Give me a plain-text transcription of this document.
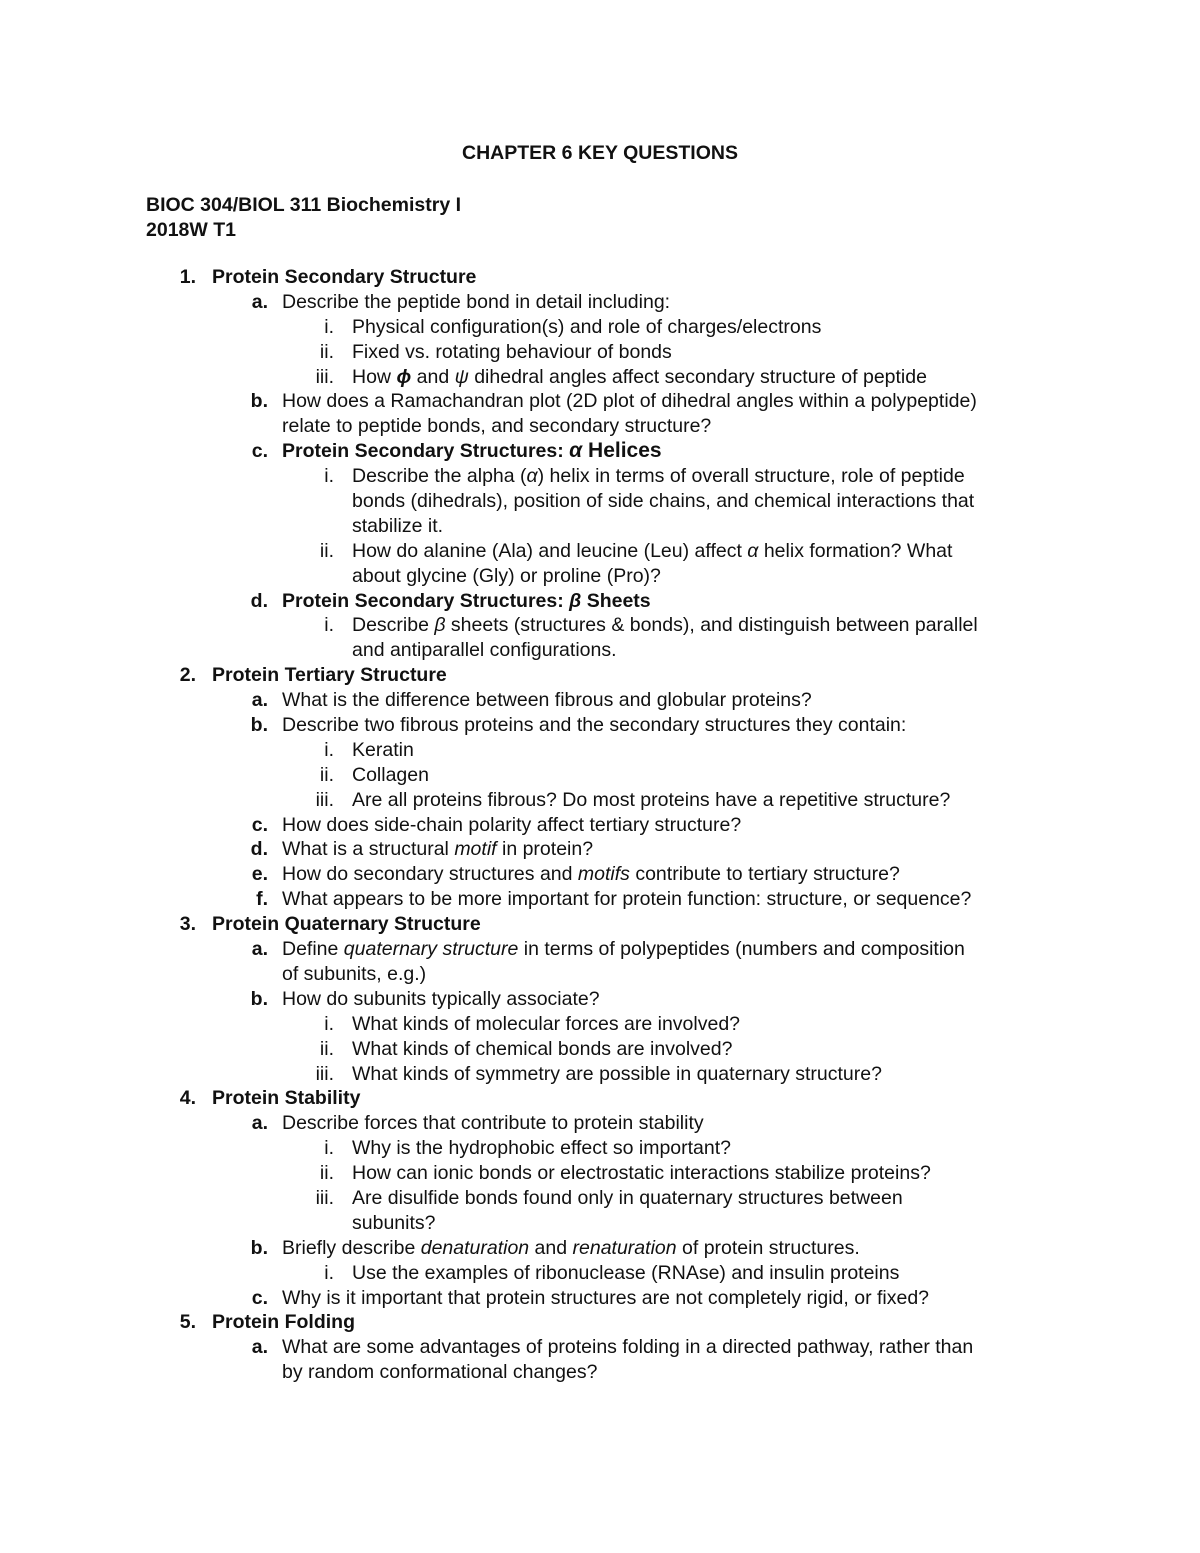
CHAPTER 6 KEY QUESTIONS
BIOC 304/BIOL 311 Biochemistry I
2018W T1
1. Protein Secondary Structure
a. Describe the peptide bond in detail including:
i. Physical configuration(s) and role of charges/electrons
ii. Fixed vs. rotating behaviour of bonds
iii. How ϕ and ψ dihedral angles affect secondary structure of peptide
b. How does a Ramachandran plot (2D plot of dihedral angles within a polypeptide)
relate to peptide bonds, and secondary structure?
c. Protein Secondary Structures: α Helices
i. Describe the alpha (α) helix in terms of overall structure, role of peptide
bonds (dihedrals), position of side chains, and chemical interactions that
stabilize it.
ii. How do alanine (Ala) and leucine (Leu) affect α helix formation? What
about glycine (Gly) or proline (Pro)?
d. Protein Secondary Structures: β Sheets
i. Describe β sheets (structures & bonds), and distinguish between parallel
and antiparallel configurations.
2. Protein Tertiary Structure
a. What is the difference between fibrous and globular proteins?
b. Describe two fibrous proteins and the secondary structures they contain:
i. Keratin
ii. Collagen
iii. Are all proteins fibrous? Do most proteins have a repetitive structure?
c. How does side-chain polarity affect tertiary structure?
d. What is a structural motif in protein?
e. How do secondary structures and motifs contribute to tertiary structure?
f. What appears to be more important for protein function: structure, or sequence?
3. Protein Quaternary Structure
a. Define quaternary structure in terms of polypeptides (numbers and composition
of subunits, e.g.)
b. How do subunits typically associate?
i. What kinds of molecular forces are involved?
ii. What kinds of chemical bonds are involved?
iii. What kinds of symmetry are possible in quaternary structure?
4. Protein Stability
a. Describe forces that contribute to protein stability
i. Why is the hydrophobic effect so important?
ii. How can ionic bonds or electrostatic interactions stabilize proteins?
iii. Are disulfide bonds found only in quaternary structures between
subunits?
b. Briefly describe denaturation and renaturation of protein structures.
i. Use the examples of ribonuclease (RNAse) and insulin proteins
c. Why is it important that protein structures are not completely rigid, or fixed?
5. Protein Folding
a. What are some advantages of proteins folding in a directed pathway, rather than
by random conformational changes?
